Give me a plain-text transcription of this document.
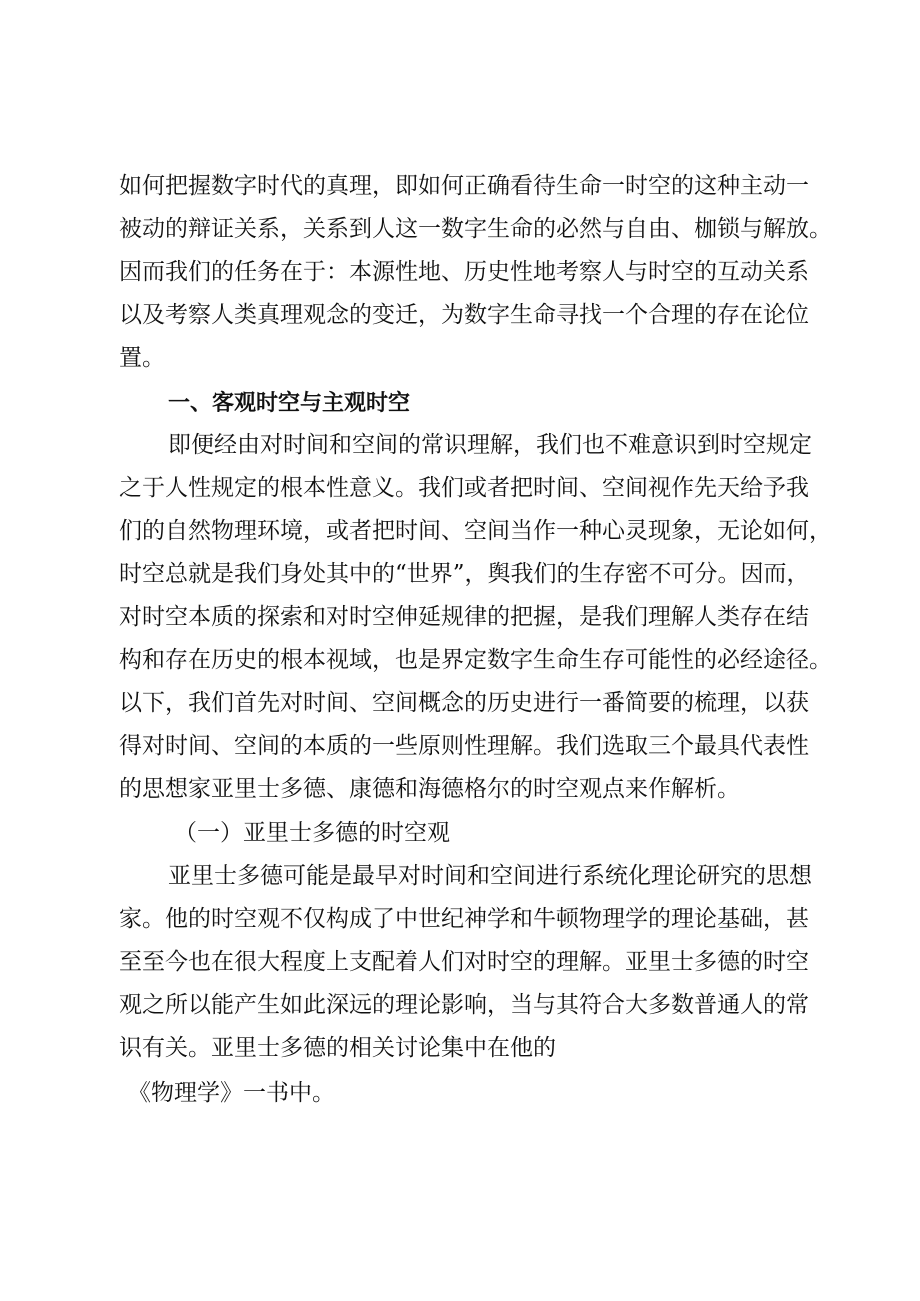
如 何 把 握 数 字 时 代 的 真 理 ， 即 如 何 正 确 看 待 生 命 一 时 空 的 这 种 主 动 一
被 动 的 辩 证 关 系 ， 关 系 到 人 这 一 数 字 生 命 的 必 然 与 自 由 、 枷 锁 与 解 放 。
因 而 我 们 的 任 务 在 于 ： 本 源 性 地 、 历 史 性 地 考 察 人 与 时 空 的 互 动 关 系
以 及 考 察 人 类 真 理 观 念 的 变 迁 ， 为 数 字 生 命 寻 找 一 个 合 理 的 存 在 论 位
置。
一、客观时空与主观时空
即 便 经 由 对 时 间 和 空 间 的 常 识 理 解 ， 我 们 也 不 难 意 识 到 时 空 规 定
之 于 人 性 规 定 的 根 本 性 意 义 。 我 们 或 者 把 时 间 、 空 间 视 作 先 天 给 予 我
们 的 自 然 物 理 环 境 ， 或 者 把 时 间 、 空 间 当 作 一 种 心 灵 现 象 ， 无 论 如 何 ，
时 空 总 就 是 我 们 身 处 其 中 的 “ 世 界 ” ， 舆 我 们 的 生 存 密 不 可 分 。 因 而 ，
对 时 空 本 质 的 探 索 和 对 时 空 伸 延 规 律 的 把 握 ， 是 我 们 理 解 人 类 存 在 结
构 和 存 在 历 史 的 根 本 视 域 ， 也 是 界 定 数 字 生 命 生 存 可 能 性 的 必 经 途 径 。
以 下 ， 我 们 首 先 对 时 间 、 空 间 概 念 的 历 史 进 行 一 番 简 要 的 梳 理 ， 以 获
得 对 时 间 、 空 间 的 本 质 的 一 些 原 则 性 理 解 。 我 们 选 取 三 个 最 具 代 表 性
的思想家亚里士多德、康德和海德格尔的时空观点来作解析。
（一）亚里士多德的时空观
亚 里 士 多 德 可 能 是 最 早 对 时 间 和 空 间 进 行 系 统 化 理 论 研 究 的 思 想
家 。 他 的 时 空 观 不 仅 构 成 了 中 世 纪 神 学 和 牛 顿 物 理 学 的 理 论 基 础 ， 甚
至 至 今 也 在 很 大 程 度 上 支 配 着 人 们 对 时 空 的 理 解 。 亚 里 士 多 德 的 时 空
观 之 所 以 能 产 生 如 此 深 远 的 理 论 影 响 ， 当 与 其 符 合 大 多 数 普 通 人 的 常
识有关。亚里士多德的相关讨论集中在他的
《物理学》一书中。
